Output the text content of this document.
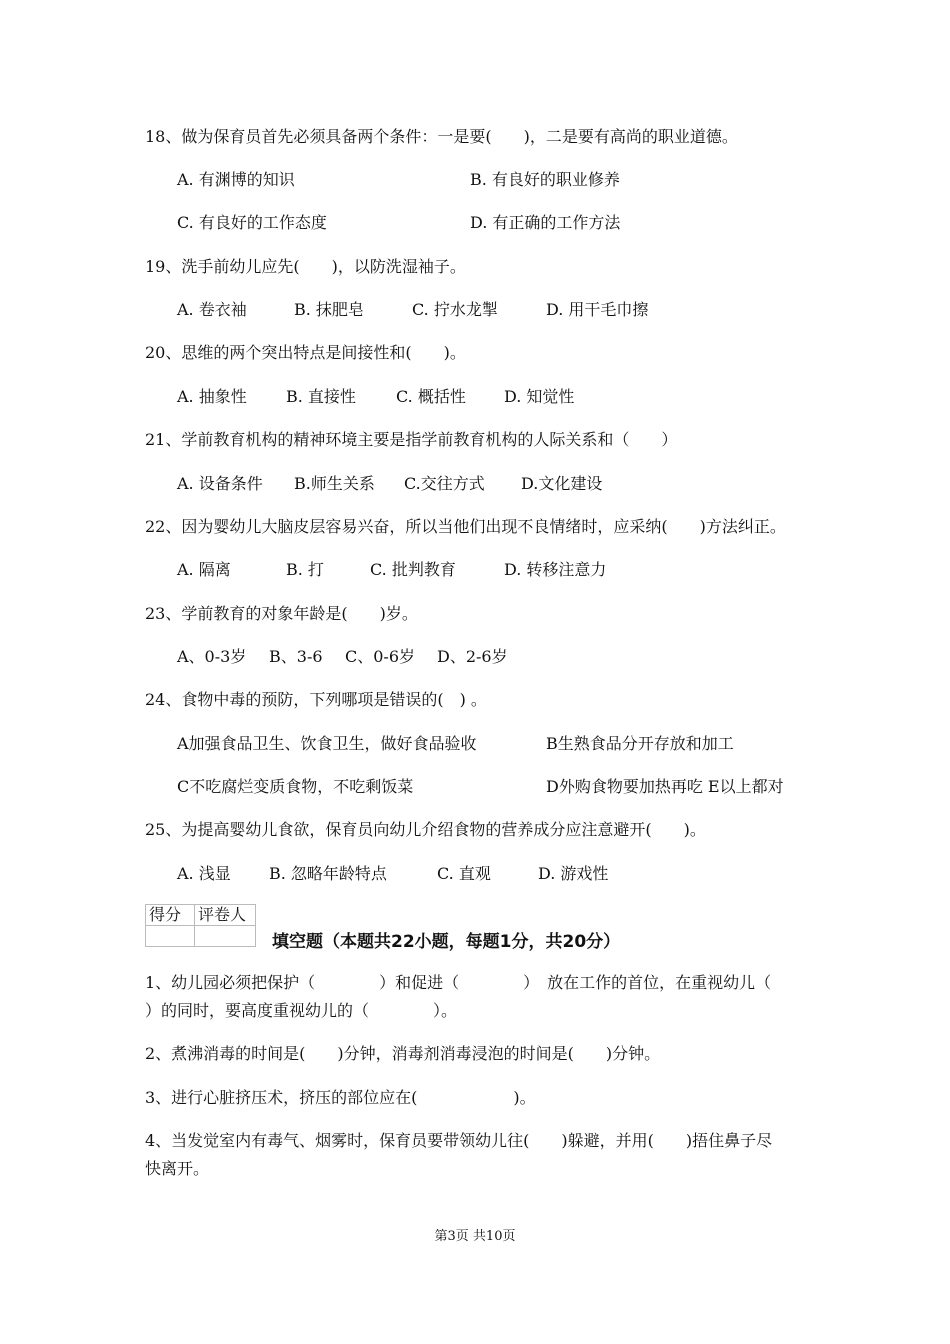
18、做为保育员首先必须具备两个条件：一是要(　　)，二是要有高尚的职业道德。
A. 有渊博的知识	B. 有良好的职业修养
C. 有良好的工作态度	D. 有正确的工作方法
19、洗手前幼儿应先(　　)，以防洗湿袖子。
A. 卷衣袖	B. 抹肥皂	C. 拧水龙掣	D. 用干毛巾擦
20、思维的两个突出特点是间接性和(　　)。
A. 抽象性 B. 直接性	C. 概括性 D. 知觉性
21、学前教育机构的精神环境主要是指学前教育机构的人际关系和（　　）
A. 设备条件 B.师生关系 C.交往方式 D.文化建设
22、因为婴幼儿大脑皮层容易兴奋，所以当他们出现不良情绪时，应采纳(　　)方法纠正。
A. 隔离	B. 打	C. 批判教育	D. 转移注意力
23、学前教育的对象年龄是(　　)岁。
A、0-3岁 B、3-6 C、0-6岁 D、2-6岁
24、食物中毒的预防，下列哪项是错误的(　) 。
A加强食品卫生、饮食卫生，做好食品验收	B生熟食品分开存放和加工
C不吃腐烂变质食物，不吃剩饭菜	D外购食物要加热再吃 E以上都对
25、为提高婴幼儿食欲，保育员向幼儿介绍食物的营养成分应注意避开(　　)。
A. 浅显 B. 忽略年龄特点	C. 直观	D. 游戏性
得分	评卷人

填空题（本题共22小题，每题1分，共20分）
1、幼儿园必须把保护（　　　　）和促进（　　　　）　放在工作的首位，在重视幼儿（
）的同时，要高度重视幼儿的（　　　　）。
2、煮沸消毒的时间是(　　)分钟，消毒剂消毒浸泡的时间是(　　)分钟。
3、进行心脏挤压术，挤压的部位应在(　　　　　　)。
4、当发觉室内有毒气、烟雾时，保育员要带领幼儿往(　　)躲避，并用(　　)捂住鼻子尽
快离开。
第3页 共10页
